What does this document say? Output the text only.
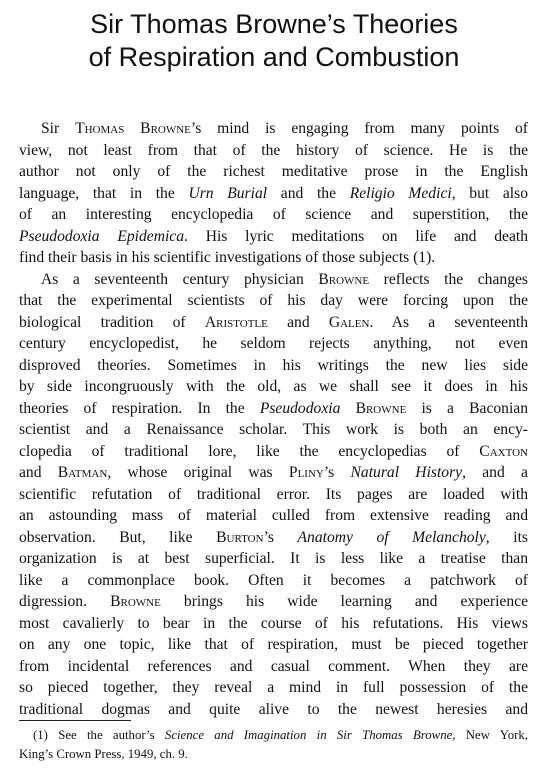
Sir Thomas Browne’s Theories
of Respiration and Combustion
Sir Thomas Browne’s mind is engaging from many points of
view, not least from that of the history of science. He is the
author not only of the richest meditative prose in the English
language, that in the Urn Burial and the Religio Medici, but also
of an interesting encyclopedia of science and superstition, the
Pseudodoxia Epidemica. His lyric meditations on life and death
find their basis in his scientific investigations of those subjects (1).
As a seventeenth century physician Browne reflects the changes
that the experimental scientists of his day were forcing upon the
biological tradition of Aristotle and Galen. As a seventeenth
century encyclopedist, he seldom rejects anything, not even
disproved theories. Sometimes in his writings the new lies side
by side incongruously with the old, as we shall see it does in his
theories of respiration. In the Pseudodoxia Browne is a Baconian
scientist and a Renaissance scholar. This work is both an ency-
clopedia of traditional lore, like the encyclopedias of Caxton
and Batman, whose original was Pliny’s Natural History, and a
scientific refutation of traditional error. Its pages are loaded with
an astounding mass of material culled from extensive reading and
observation. But, like Burton’s Anatomy of Melancholy, its
organization is at best superficial. It is less like a treatise than
like a commonplace book. Often it becomes a patchwork of
digression. Browne brings his wide learning and experience
most cavalierly to bear in the course of his refutations. His views
on any one topic, like that of respiration, must be pieced together
from incidental references and casual comment. When they are
so pieced together, they reveal a mind in full possession of the
traditional dogmas and quite alive to the newest heresies and
(1) See the author’s Science and Imagination in Sir Thomas Browne, New York,
King’s Crown Press, 1949, ch. 9.
